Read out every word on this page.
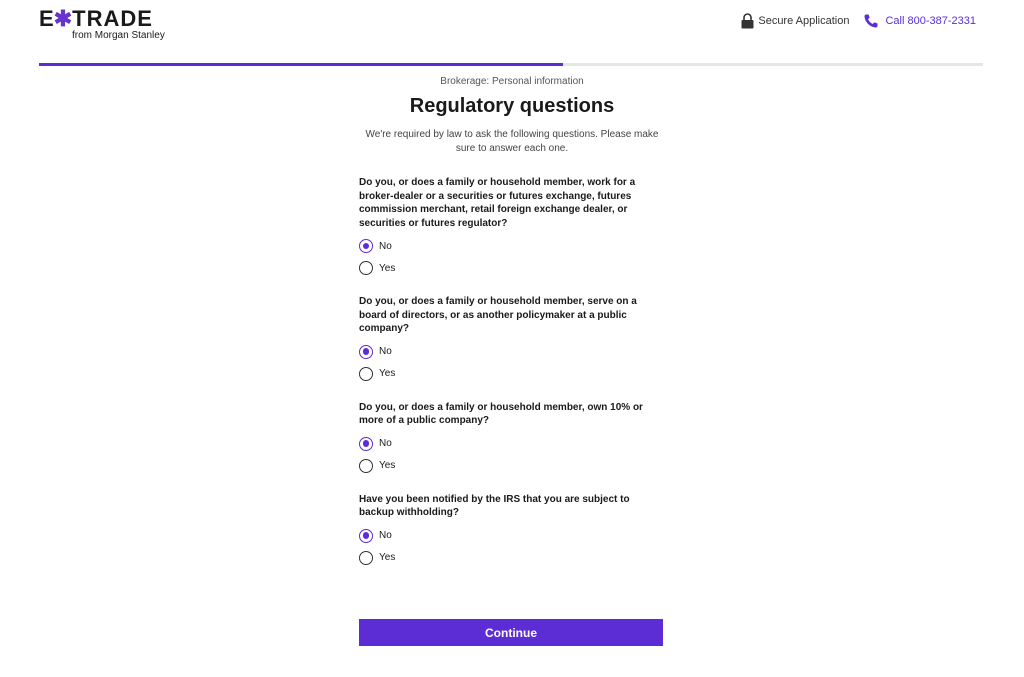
E ✱ TRADE
from Morgan Stanley
Secure Application	Call 800-387-2331
Brokerage: Personal information
Regulatory questions
We're required by law to ask the following questions. Please make sure to answer each one.
Do you, or does a family or household member, work for a broker-dealer or a securities or futures exchange, futures commission merchant, retail foreign exchange dealer, or securities or futures regulator?
No
Yes
Do you, or does a family or household member, serve on a board of directors, or as another policymaker at a public company?
No
Yes
Do you, or does a family or household member, own 10% or more of a public company?
No
Yes
Have you been notified by the IRS that you are subject to backup withholding?
No
Yes
Continue
